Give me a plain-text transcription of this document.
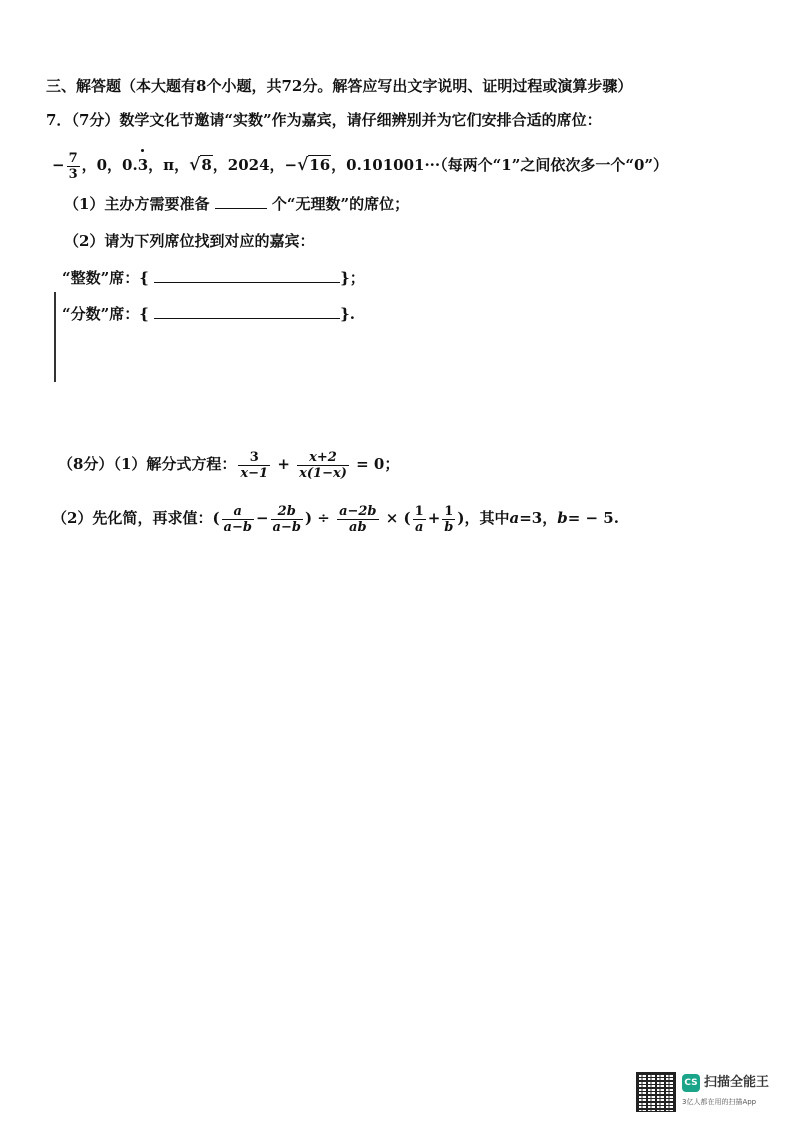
三、解答题（本大题有8个小题，共72分。解答应写出文字说明、证明过程或演算步骤）
7．（7分）数学文化节邀请“实数”作为嘉宾，请仔细辨别并为它们安排合适的席位：
− $\frac{7}{3}$ ，0，0.3，π，√8，2024，−√16，0.101001···（每两个“1”之间依次多一个“0”）
（1）主办方需要准备	个“无理数”的席位；
（2）请为下列席位找到对应的嘉宾：
“整数”席：{	}；
“分数”席：{	}.
（8分）（1）解分式方程： $\frac{3}{x-1} + \frac{x+2}{x(1-x)} = 0$；
（2）先化简，再求值：( $\frac{a}{a-b} - \frac{2b}{a-b}$ ) ÷ $\frac{a-2b}{ab}$ × ( $\frac{1}{a} + \frac{1}{b}$ )，其中a=3，b= − 5.
CS 扫描全能王
3亿人都在用的扫描App
